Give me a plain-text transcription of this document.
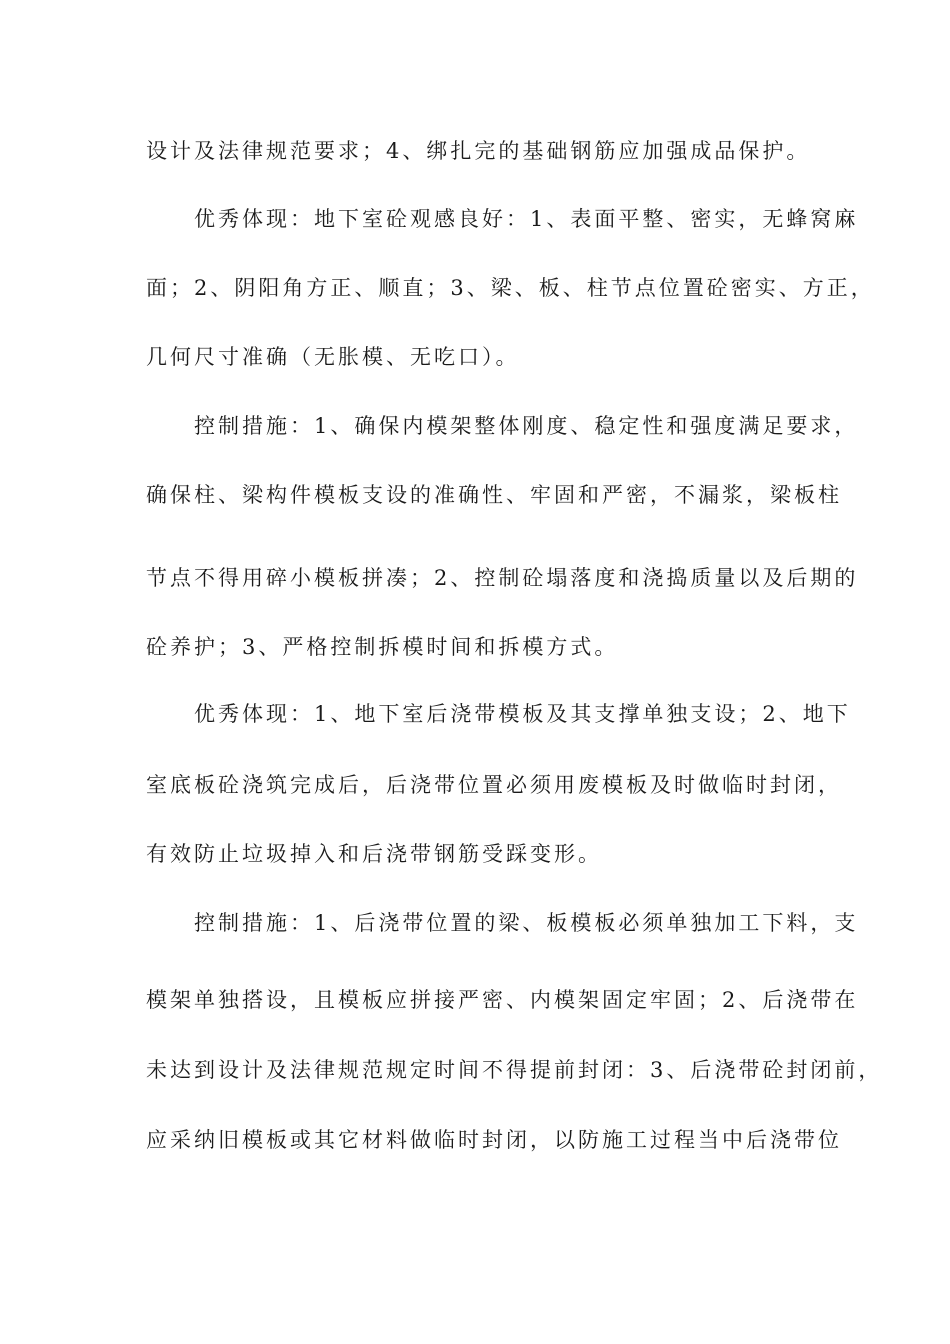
设计及法律规范要求；4、绑扎完的基础钢筋应加强成品保护。
优秀体现：地下室砼观感良好：1、表面平整、密实，无蜂窝麻
面；2、阴阳角方正、顺直；3、梁、板、柱节点位置砼密实、方正，
几何尺寸准确（无胀模、无吃口）。
控制措施：1、确保内模架整体刚度、稳定性和强度满足要求，
确保柱、梁构件模板支设的准确性、牢固和严密，不漏浆，梁板柱
节点不得用碎小模板拼凑；2、控制砼塌落度和浇捣质量以及后期的
砼养护；3、严格控制拆模时间和拆模方式。
优秀体现：1、地下室后浇带模板及其支撑单独支设；2、地下
室底板砼浇筑完成后，后浇带位置必须用废模板及时做临时封闭，
有效防止垃圾掉入和后浇带钢筋受踩变形。
控制措施：1、后浇带位置的梁、板模板必须单独加工下料，支
模架单独搭设，且模板应拼接严密、内模架固定牢固；2、后浇带在
未达到设计及法律规范规定时间不得提前封闭：3、后浇带砼封闭前，
应采纳旧模板或其它材料做临时封闭，以防施工过程当中后浇带位
